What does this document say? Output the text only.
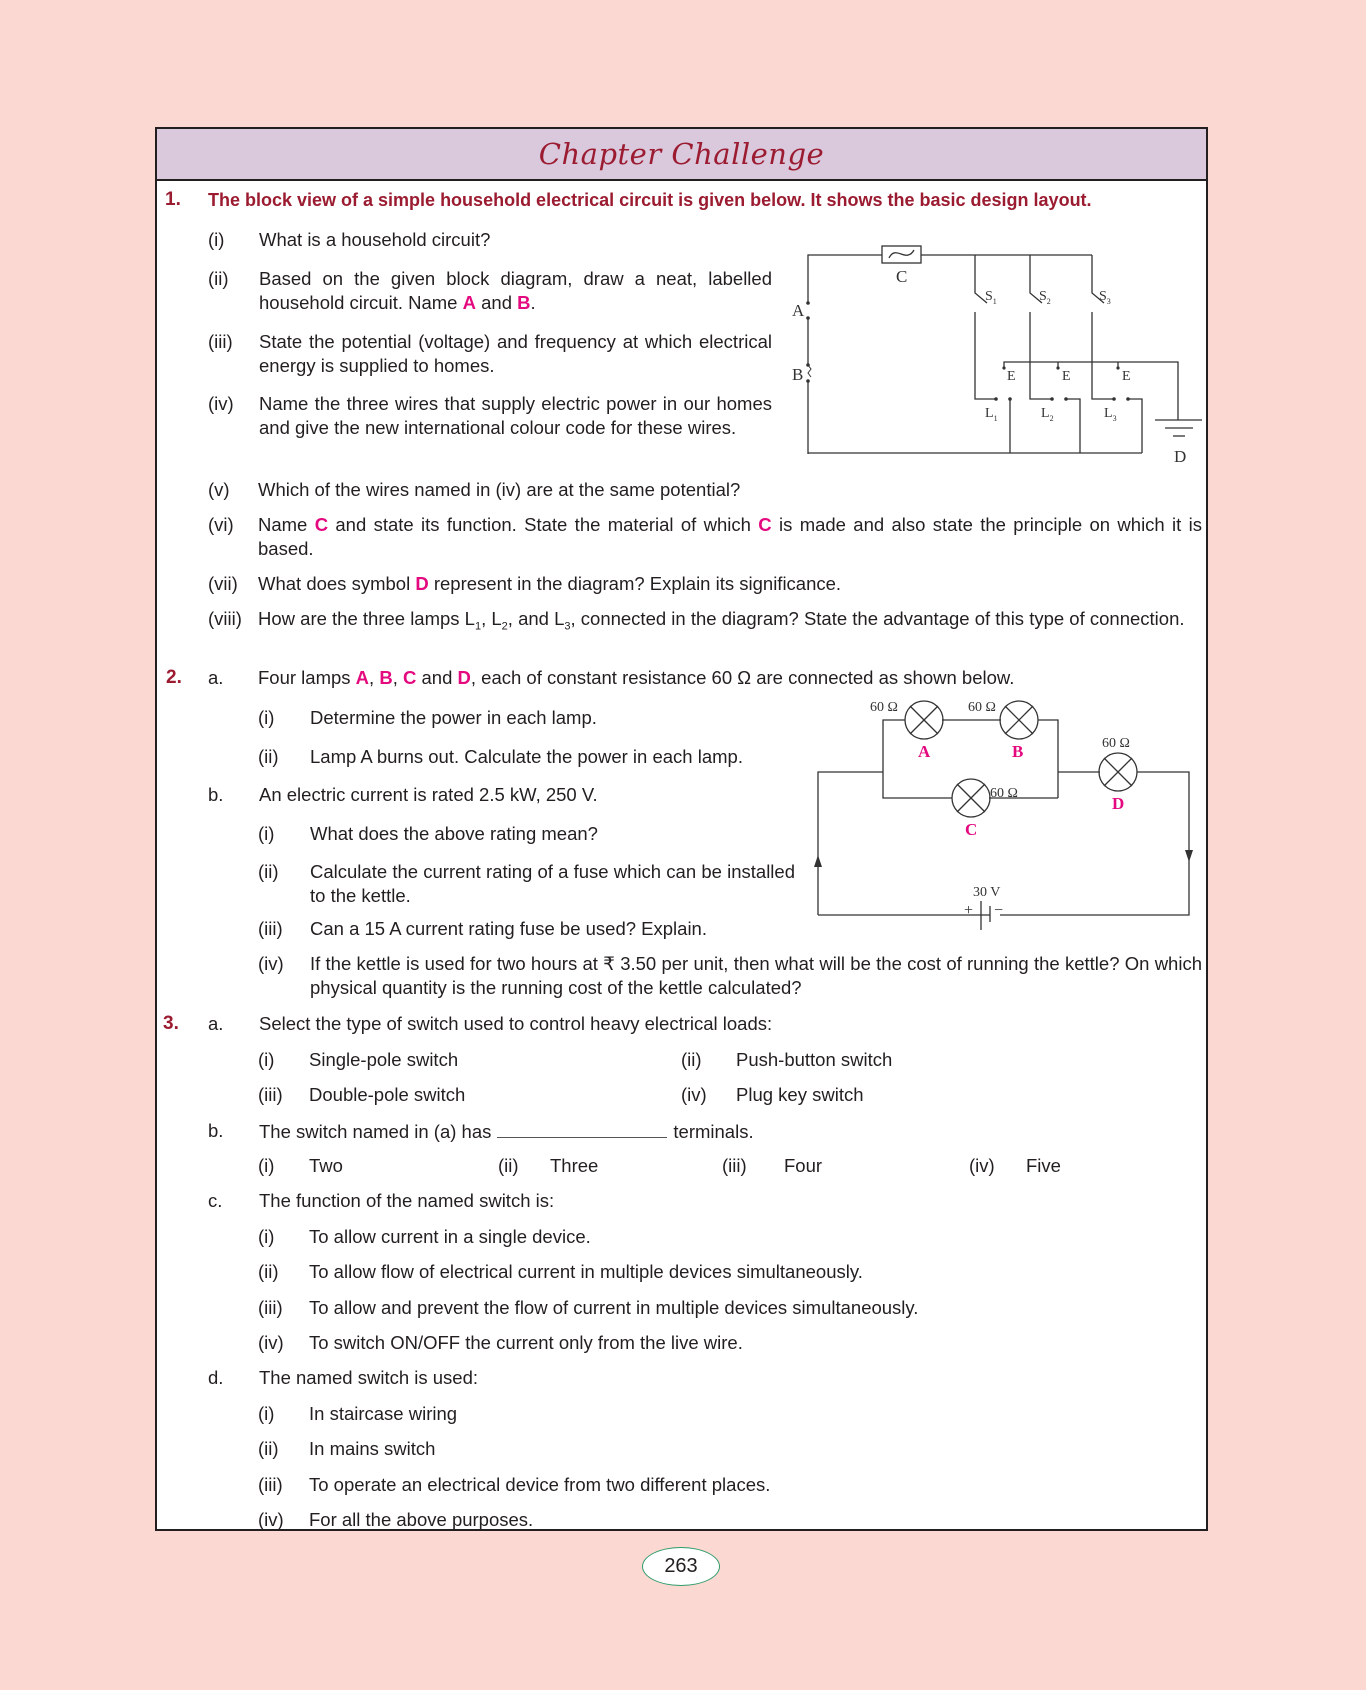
Chapter Challenge
1. The block view of a simple household electrical circuit is given below. It shows the basic design layout.
(i) What is a household circuit?
(ii) Based on the given block diagram, draw a neat, labelled household circuit. Name A and B.
(iii) State the potential (voltage) and frequency at which electrical energy is supplied to homes.
(iv) Name the three wires that supply electric power in our homes and give the new international colour code for these wires.
(v) Which of the wires named in (iv) are at the same potential?
(vi) Name C and state its function. State the material of which C is made and also state the principle on which it is based.
(vii) What does symbol D represent in the diagram? Explain its significance.
(viii) How are the three lamps $L_1$, $L_2$, and $L_3$, connected in the diagram? State the advantage of this type of connection.
A
B
C
D
$S_1$	$S_2$	$S_3$
E	E	E
$L_1$	$L_2$	$L_3$
2. a. Four lamps A, B, C and D, each of constant resistance 60 Ω are connected as shown below.
(i) Determine the power in each lamp.
(ii) Lamp A burns out. Calculate the power in each lamp.
b. An electric current is rated 2.5 kW, 250 V.
(i) What does the above rating mean?
(ii) Calculate the current rating of a fuse which can be installed to the kettle.
(iii) Can a 15 A current rating fuse be used? Explain.
(iv) If the kettle is used for two hours at ₹ 3.50 per unit, then what will be the cost of running the kettle? On which physical quantity is the running cost of the kettle calculated?
60 Ω	60 Ω
60 Ω
60 Ω
30 V
+ −
A	B
C
D
3. a. Select the type of switch used to control heavy electrical loads:
(i) Single-pole switch	(ii) Push-button switch
(iii) Double-pole switch	(iv) Plug key switch
b. The switch named in (a) has	terminals.
(i) Two	(ii) Three	(iii) Four	(iv) Five
c. The function of the named switch is:
(i) To allow current in a single device.
(ii) To allow flow of electrical current in multiple devices simultaneously.
(iii) To allow and prevent the flow of current in multiple devices simultaneously.
(iv) To switch ON/OFF the current only from the live wire.
d. The named switch is used:
(i) In staircase wiring
(ii) In mains switch
(iii) To operate an electrical device from two different places.
(iv) For all the above purposes.
263
